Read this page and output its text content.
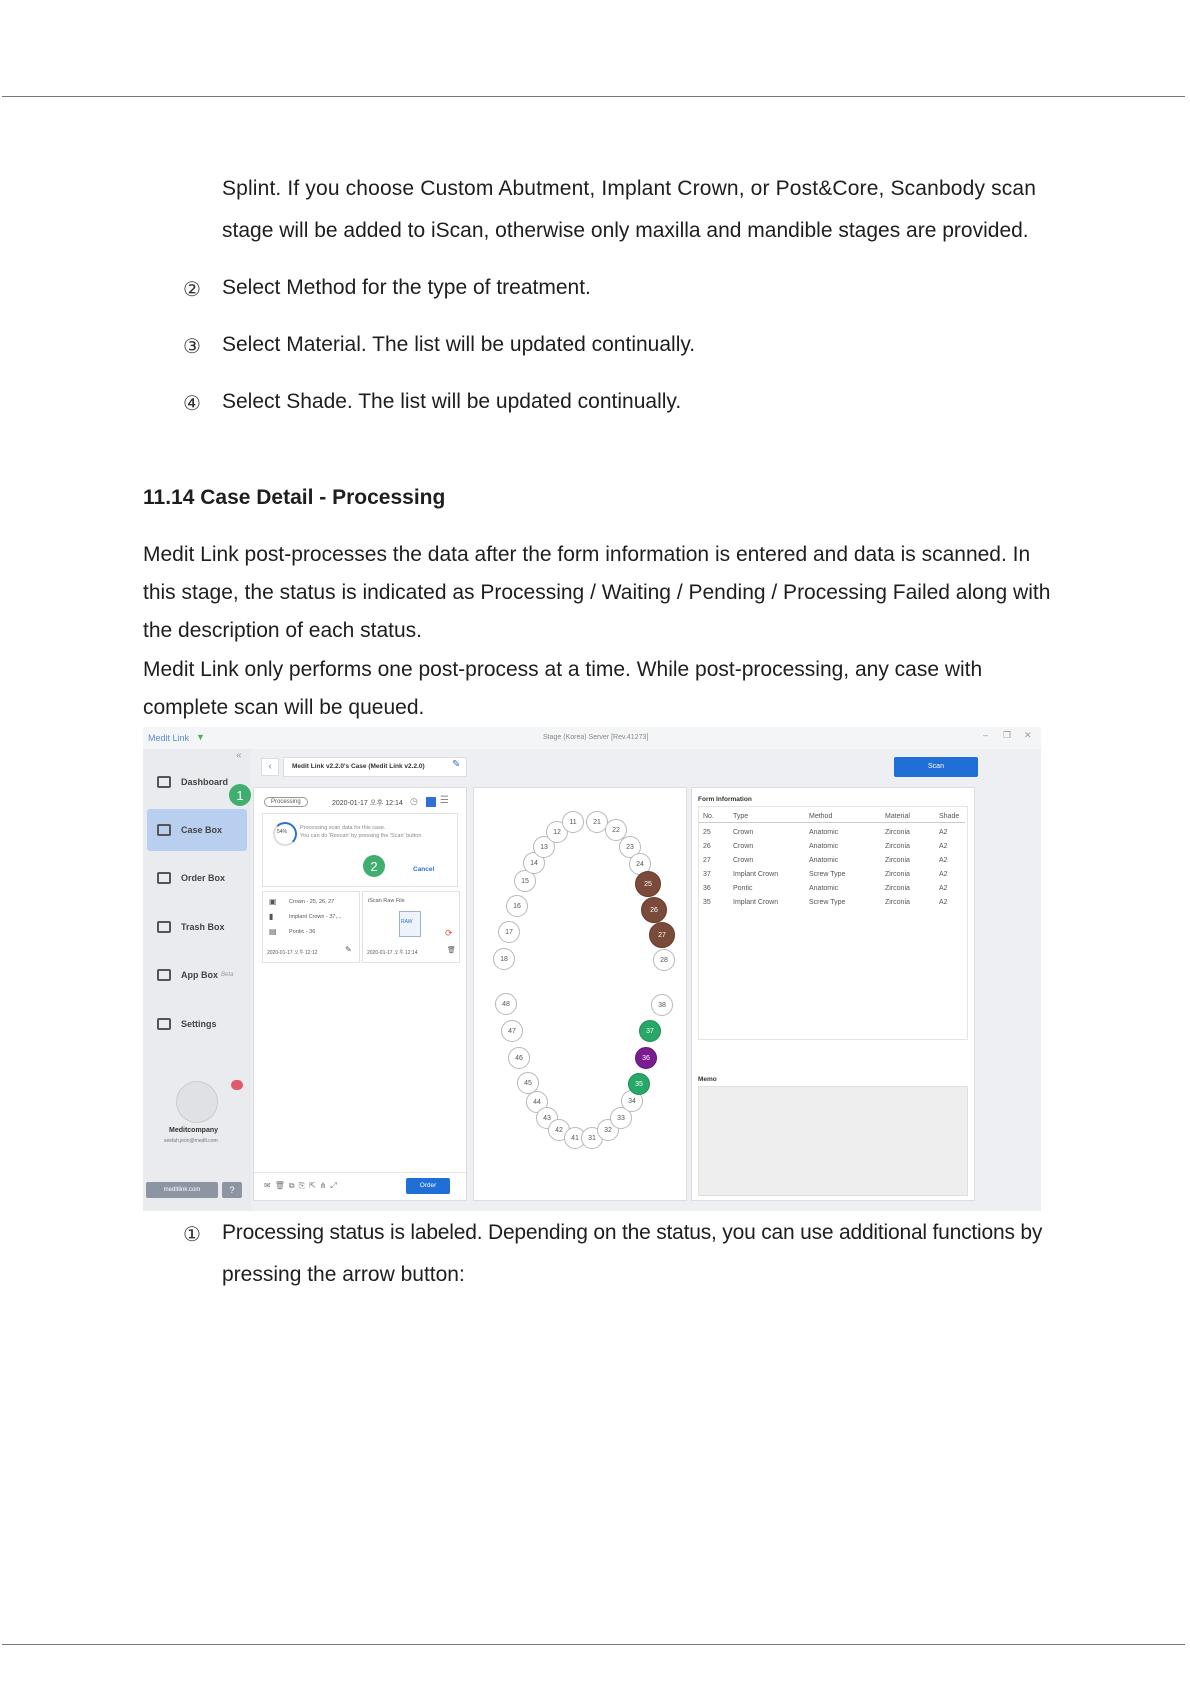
Splint. If you choose Custom Abutment, Implant Crown, or Post&Core, Scanbody scan
stage will be added to iScan, otherwise only maxilla and mandible stages are provided.
② Select Method for the type of treatment.
③ Select Material. The list will be updated continually.
④ Select Shade. The list will be updated continually.
11.14 Case Detail - Processing
Medit Link post-processes the data after the form information is entered and data is scanned. In
this stage, the status is indicated as Processing / Waiting / Pending / Processing Failed along with
the description of each status.
Medit Link only performs one post-process at a time. While post-processing, any case with
complete scan will be queued.
Medit Link ▼	Stage (Korea) Server [Rev.41273]	– ❐ ✕
«
Dashboard
Case Box
Order Box
Trash Box
App Box Beta
Settings
Meditcompany
seelah.jeon@medit.com
meditlink.com	?
‹	Medit Link v2.2.0's Case (Medit Link v2.2.0)	✎	Scan
Processing	2020-01-17 오후 12:14 ◷ ☰
54%
Processing scan data for this case.
You can do 'Rescan' by pressing the 'Scan' button.
Cancel
▣ Crown - 25, 26, 27
▮	Implant Crown - 37,...
▤ Pontic - 36
2020-01-17 오후 12:12	✎
iScan Raw File
RAW
⟳
2020-01-17 오후 12:14	🗑
✉🗑⧉⎘⇱⋔⤢	Order
Form Information
No.	Type	Method	Material	Shade
25	Crown	Anatomic	Zirconia	A2
26	Crown	Anatomic	Zirconia	A2
27	Crown	Anatomic	Zirconia	A2
37	Implant Crown	Screw Type	Zirconia	A2
36	Pontic	Anatomic	Zirconia	A2
35	Implant Crown	Screw Type	Zirconia	A2
Memo
1
2
18
17
16
15
14
13
12
11	21
22
23
24
25
26
27
28
48
47
46
45
44
43
42
41	31
32
33
34
35
36
37
38
① Processing status is labeled. Depending on the status, you can use additional functions by
pressing the arrow button:
